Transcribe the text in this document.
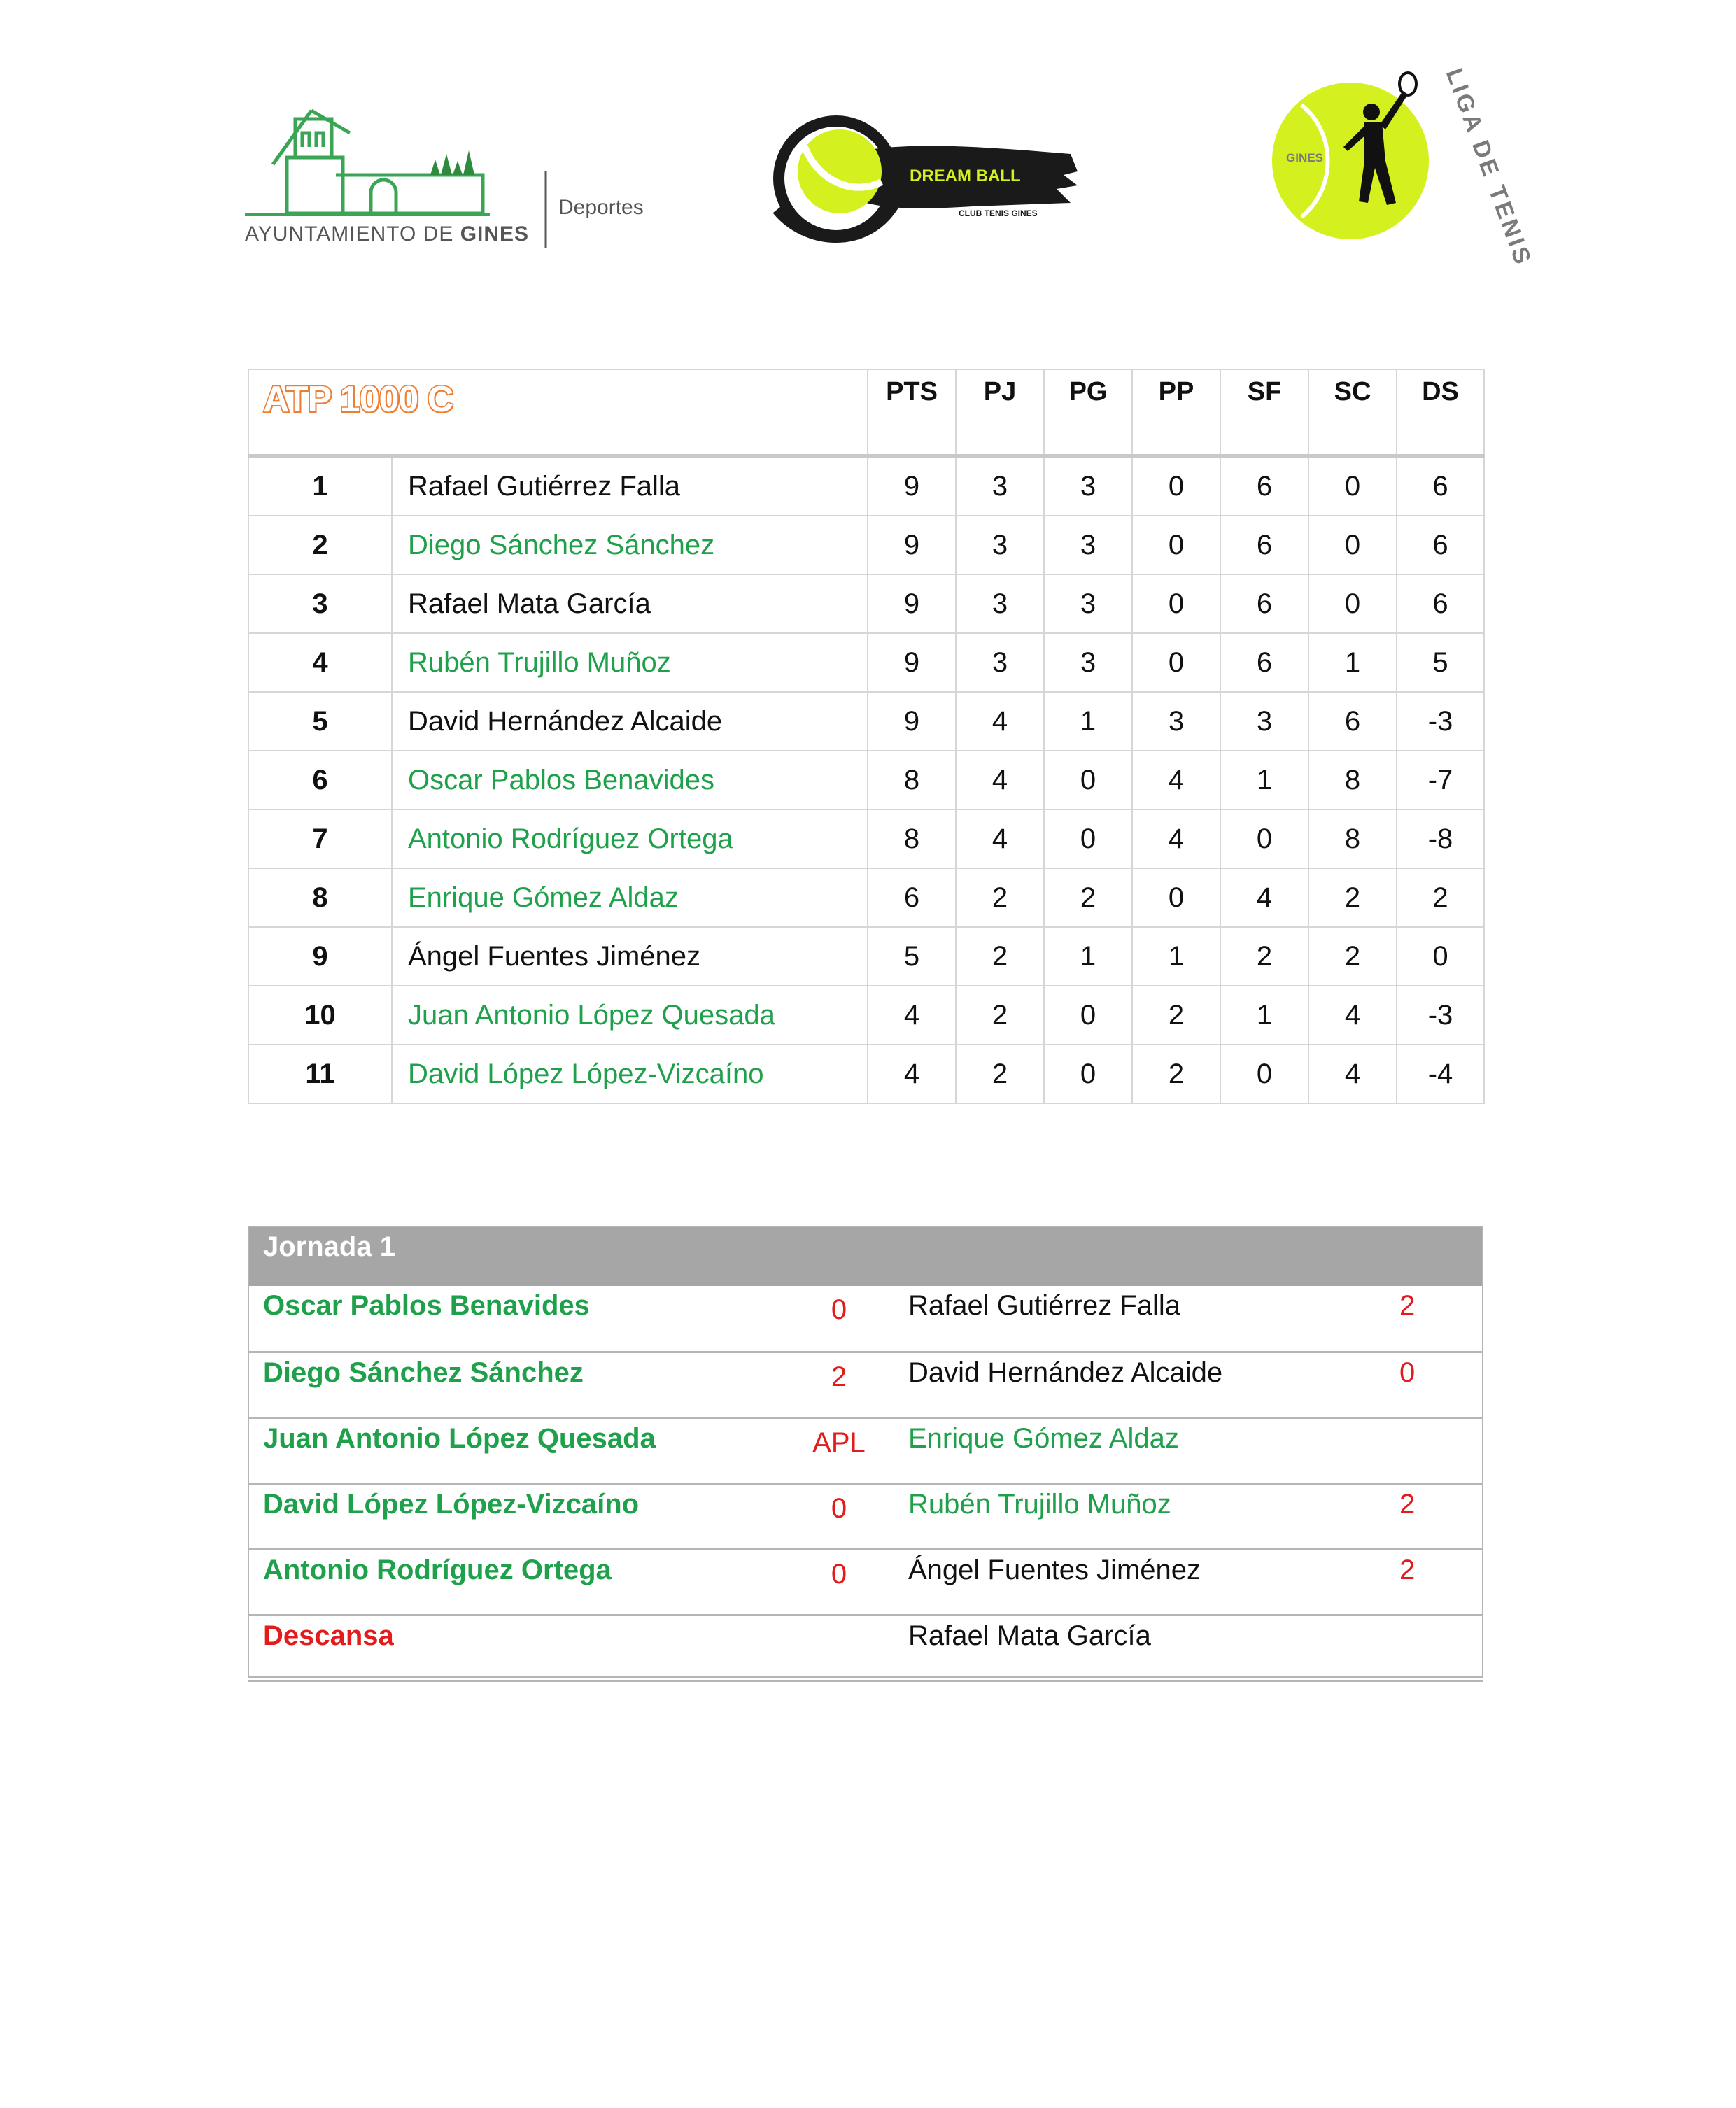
AYUNTAMIENTO DE GINES
Deportes
DREAM BALL
CLUB TENIS GINES
GINES	LIGA DE TENIS
ATP 1000 C		PTS	PJ	PG	PP	SF	SC	DS
1	Rafael Gutiérrez Falla	9	3	3	0	6	0	6
2	Diego Sánchez Sánchez	9	3	3	0	6	0	6
3	Rafael Mata García	9	3	3	0	6	0	6
4	Rubén Trujillo Muñoz	9	3	3	0	6	1	5
5	David Hernández Alcaide	9	4	1	3	3	6	-3
6	Oscar Pablos Benavides	8	4	0	4	1	8	-7
7	Antonio Rodríguez Ortega	8	4	0	4	0	8	-8
8	Enrique Gómez Aldaz	6	2	2	0	4	2	2
9	Ángel Fuentes Jiménez	5	2	1	1	2	2	0
10	Juan Antonio López Quesada	4	2	0	2	1	4	-3
11	David López López-Vizcaíno	4	2	0	2	0	4	-4
Jornada 1			
Oscar Pablos Benavides	0	Rafael Gutiérrez Falla	2
Diego Sánchez Sánchez	2	David Hernández Alcaide	0
Juan Antonio López Quesada	APL	Enrique Gómez Aldaz	
David López López-Vizcaíno	0	Rubén Trujillo Muñoz	2
Antonio Rodríguez Ortega	0	Ángel Fuentes Jiménez	2
Descansa		Rafael Mata García	
